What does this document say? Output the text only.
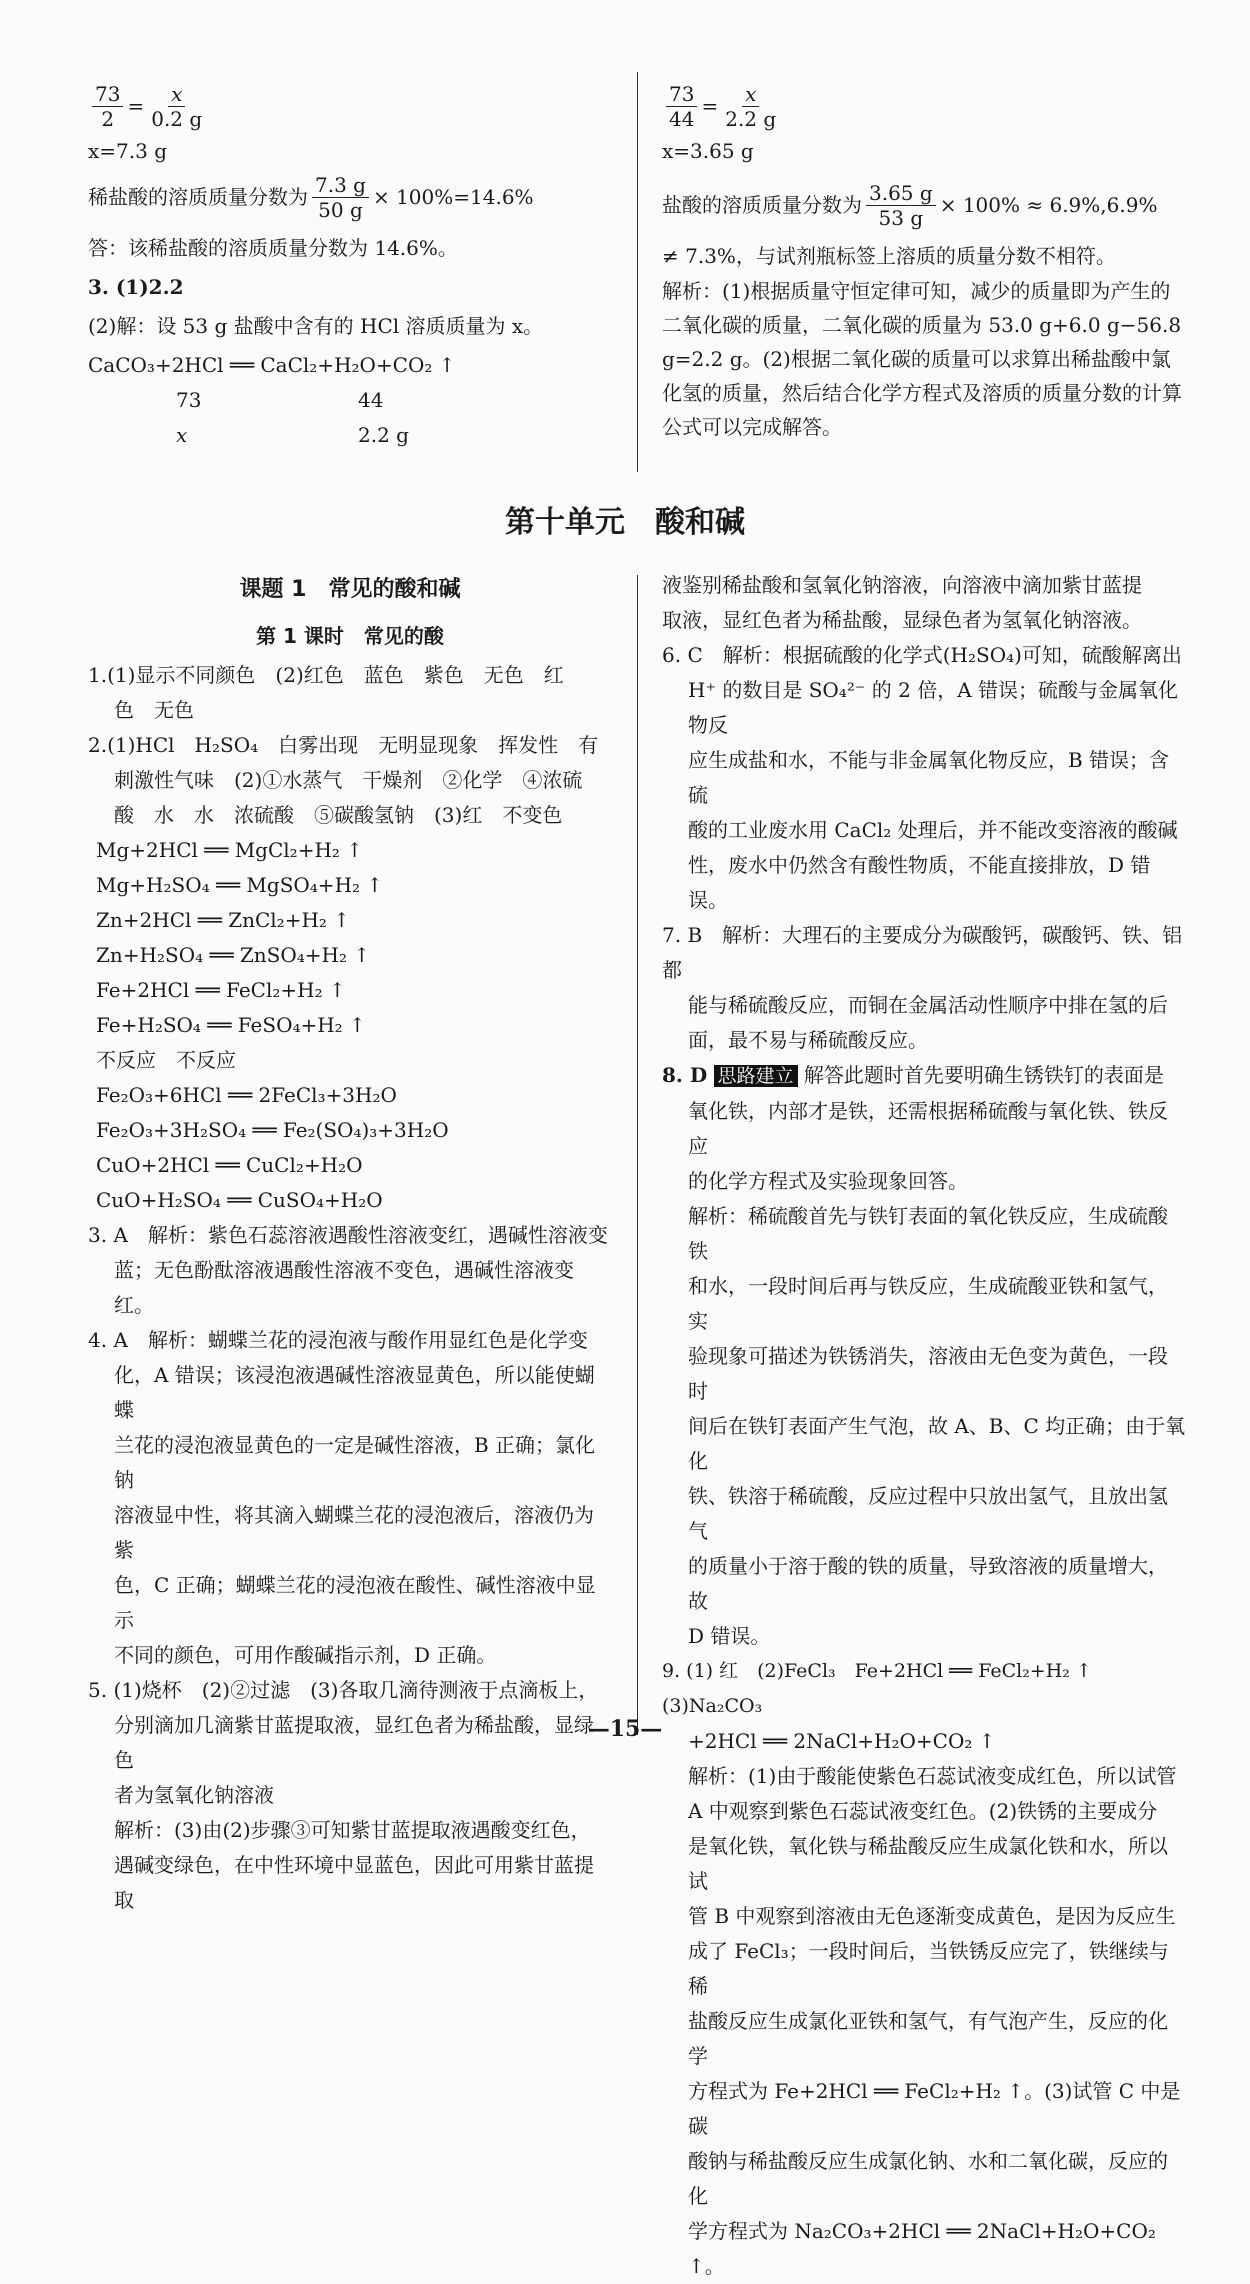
$\frac{73}{2} = \frac{x}{0.2 g}$

x=7.3 g

稀盐酸的溶质质量分数为 $\frac{7.3 g}{50 g} \times 100\%=14.6\%$

答：该稀盐酸的溶质质量分数为 14.6%。

3. (1)2.2

(2)解：设 53 g 盐酸中含有的 HCl 溶质质量为 x。

CaCO₃+2HCl ══ CaCl₂+H₂O+CO₂ ↑

73	44
x	2.2 g
$\frac{73}{44} = \frac{x}{2.2 g}$

x=3.65 g

盐酸的溶质质量分数为 $\frac{3.65 g}{53 g} \times 100\% \approx 6.9\%,6.9\%$

≠ 7.3%，与试剂瓶标签上溶质的质量分数不相符。

解析：(1)根据质量守恒定律可知，减少的质量即为产生的二氧化碳的质量，二氧化碳的质量为 53.0 g+6.0 g−56.8 g=2.2 g。(2)根据二氧化碳的质量可以求算出稀盐酸中氯化氢的质量，然后结合化学方程式及溶质的质量分数的计算公式可以完成解答。

第十单元　酸和碱
课题 1　常见的酸和碱
第 1 课时　常见的酸

1.(1)显示不同颜色　(2)红色　蓝色　紫色　无色　红

色　无色

2.(1)HCl　H₂SO₄　白雾出现　无明显现象　挥发性　有

刺激性气味　(2)①水蒸气　干燥剂　②化学　④浓硫

酸　水　水　浓硫酸　⑤碳酸氢钠　(3)红　不变色

Mg+2HCl ══ MgCl₂+H₂ ↑

Mg+H₂SO₄ ══ MgSO₄+H₂ ↑

Zn+2HCl ══ ZnCl₂+H₂ ↑

Zn+H₂SO₄ ══ ZnSO₄+H₂ ↑

Fe+2HCl ══ FeCl₂+H₂ ↑

Fe+H₂SO₄ ══ FeSO₄+H₂ ↑

不反应　不反应

Fe₂O₃+6HCl ══ 2FeCl₃+3H₂O

Fe₂O₃+3H₂SO₄ ══ Fe₂(SO₄)₃+3H₂O

CuO+2HCl ══ CuCl₂+H₂O

CuO+H₂SO₄ ══ CuSO₄+H₂O

3. A　解析：紫色石蕊溶液遇酸性溶液变红，遇碱性溶液变

蓝；无色酚酞溶液遇酸性溶液不变色，遇碱性溶液变红。

4. A　解析：蝴蝶兰花的浸泡液与酸作用显红色是化学变

化，A 错误；该浸泡液遇碱性溶液显黄色，所以能使蝴蝶

兰花的浸泡液显黄色的一定是碱性溶液，B 正确；氯化钠

溶液显中性，将其滴入蝴蝶兰花的浸泡液后，溶液仍为紫

色，C 正确；蝴蝶兰花的浸泡液在酸性、碱性溶液中显示

不同的颜色，可用作酸碱指示剂，D 正确。

5. (1)烧杯　(2)②过滤　(3)各取几滴待测液于点滴板上，

分别滴加几滴紫甘蓝提取液，显红色者为稀盐酸，显绿色

者为氢氧化钠溶液

解析：(3)由(2)步骤③可知紫甘蓝提取液遇酸变红色，

遇碱变绿色，在中性环境中显蓝色，因此可用紫甘蓝提取

液鉴别稀盐酸和氢氧化钠溶液，向溶液中滴加紫甘蓝提

取液，显红色者为稀盐酸，显绿色者为氢氧化钠溶液。

6. C　解析：根据硫酸的化学式(H₂SO₄)可知，硫酸解离出

H⁺ 的数目是 SO₄²⁻ 的 2 倍，A 错误；硫酸与金属氧化物反

应生成盐和水，不能与非金属氧化物反应，B 错误；含硫

酸的工业废水用 CaCl₂ 处理后，并不能改变溶液的酸碱

性，废水中仍然含有酸性物质，不能直接排放，D 错误。

7. B　解析：大理石的主要成分为碳酸钙，碳酸钙、铁、铝都

能与稀硫酸反应，而铜在金属活动性顺序中排在氢的后

面，最不易与稀硫酸反应。

8. D 思路建立 解答此题时首先要明确生锈铁钉的表面是

氧化铁，内部才是铁，还需根据稀硫酸与氧化铁、铁反应

的化学方程式及实验现象回答。

解析：稀硫酸首先与铁钉表面的氧化铁反应，生成硫酸铁

和水，一段时间后再与铁反应，生成硫酸亚铁和氢气，实

验现象可描述为铁锈消失，溶液由无色变为黄色，一段时

间后在铁钉表面产生气泡，故 A、B、C 均正确；由于氧化

铁、铁溶于稀硫酸，反应过程中只放出氢气，且放出氢气

的质量小于溶于酸的铁的质量，导致溶液的质量增大，故

D 错误。

9. (1) 红　(2)FeCl₃　Fe+2HCl ══ FeCl₂+H₂ ↑　(3)Na₂CO₃

+2HCl ══ 2NaCl+H₂O+CO₂ ↑

解析：(1)由于酸能使紫色石蕊试液变成红色，所以试管

A 中观察到紫色石蕊试液变红色。(2)铁锈的主要成分

是氧化铁，氧化铁与稀盐酸反应生成氯化铁和水，所以试

管 B 中观察到溶液由无色逐渐变成黄色，是因为反应生

成了 FeCl₃；一段时间后，当铁锈反应完了，铁继续与稀

盐酸反应生成氯化亚铁和氢气，有气泡产生，反应的化学

方程式为 Fe+2HCl ══ FeCl₂+H₂ ↑。(3)试管 C 中是碳

酸钠与稀盐酸反应生成氯化钠、水和二氧化碳，反应的化

学方程式为 Na₂CO₃+2HCl ══ 2NaCl+H₂O+CO₂ ↑。

—15—
